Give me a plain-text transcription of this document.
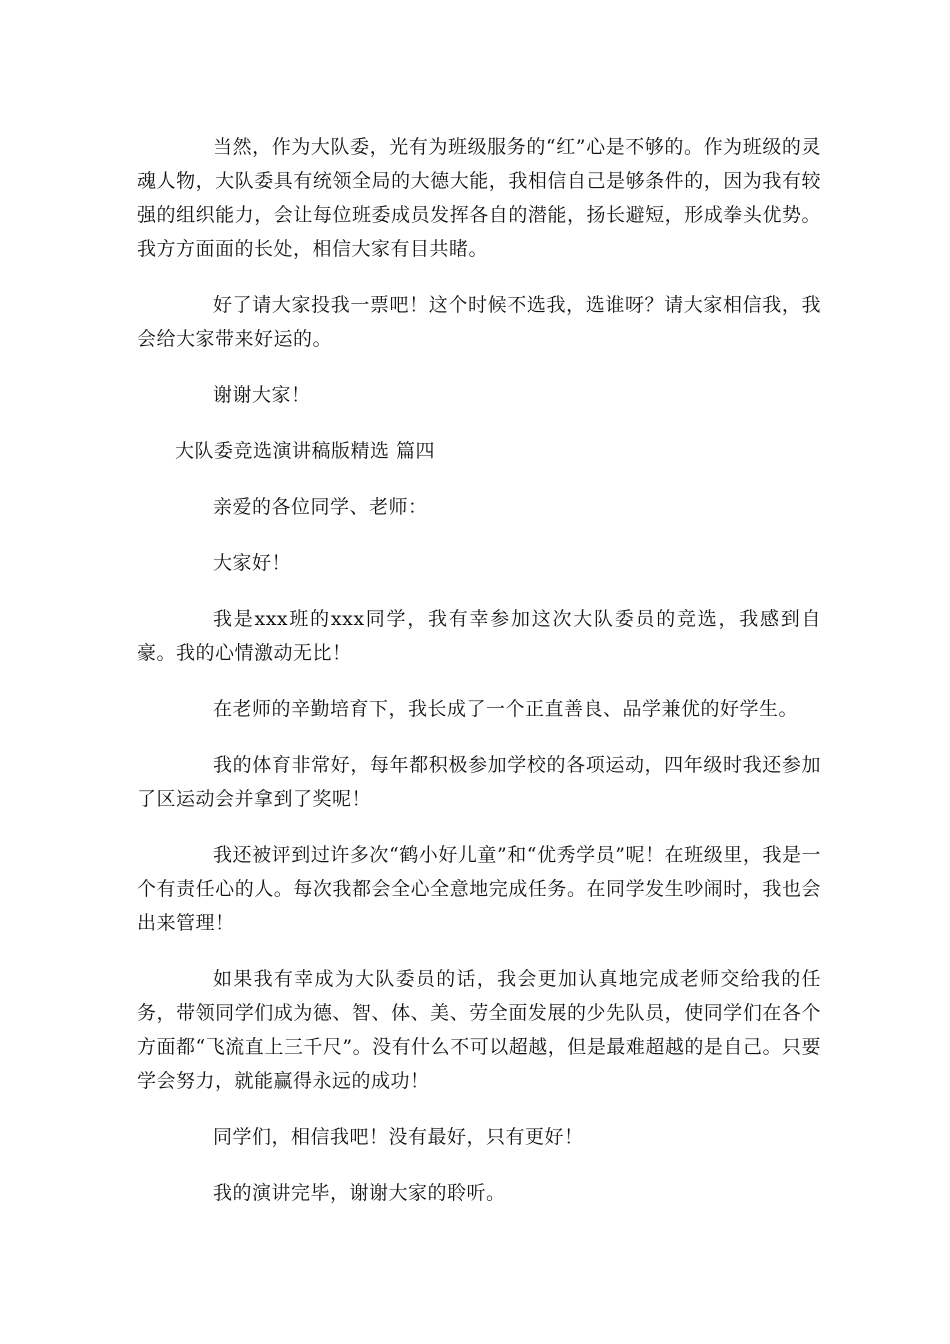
当然，作为大队委，光有为班级服务的“红”心是不够的。作为班级的灵魂人物，大队委具有统领全局的大德大能，我相信自己是够条件的，因为我有较强的组织能力，会让每位班委成员发挥各自的潜能，扬长避短，形成拳头优势。我方方面面的长处，相信大家有目共睹。

好了请大家投我一票吧！这个时候不选我，选谁呀？请大家相信我，我会给大家带来好运的。

谢谢大家！

大队委竞选演讲稿版精选 篇四

亲爱的各位同学、老师：

大家好！

我是xxx班的xxx同学，我有幸参加这次大队委员的竞选，我感到自豪。我的心情激动无比！

在老师的辛勤培育下，我长成了一个正直善良、品学兼优的好学生。

我的体育非常好，每年都积极参加学校的各项运动，四年级时我还参加了区运动会并拿到了奖呢！

我还被评到过许多次“鹤小好儿童”和“优秀学员”呢！在班级里，我是一个有责任心的人。每次我都会全心全意地完成任务。在同学发生吵闹时，我也会出来管理！

如果我有幸成为大队委员的话，我会更加认真地完成老师交给我的任务，带领同学们成为德、智、体、美、劳全面发展的少先队员，使同学们在各个方面都“飞流直上三千尺”。没有什么不可以超越，但是最难超越的是自己。只要学会努力，就能赢得永远的成功！

同学们，相信我吧！没有最好，只有更好！

我的演讲完毕，谢谢大家的聆听。
